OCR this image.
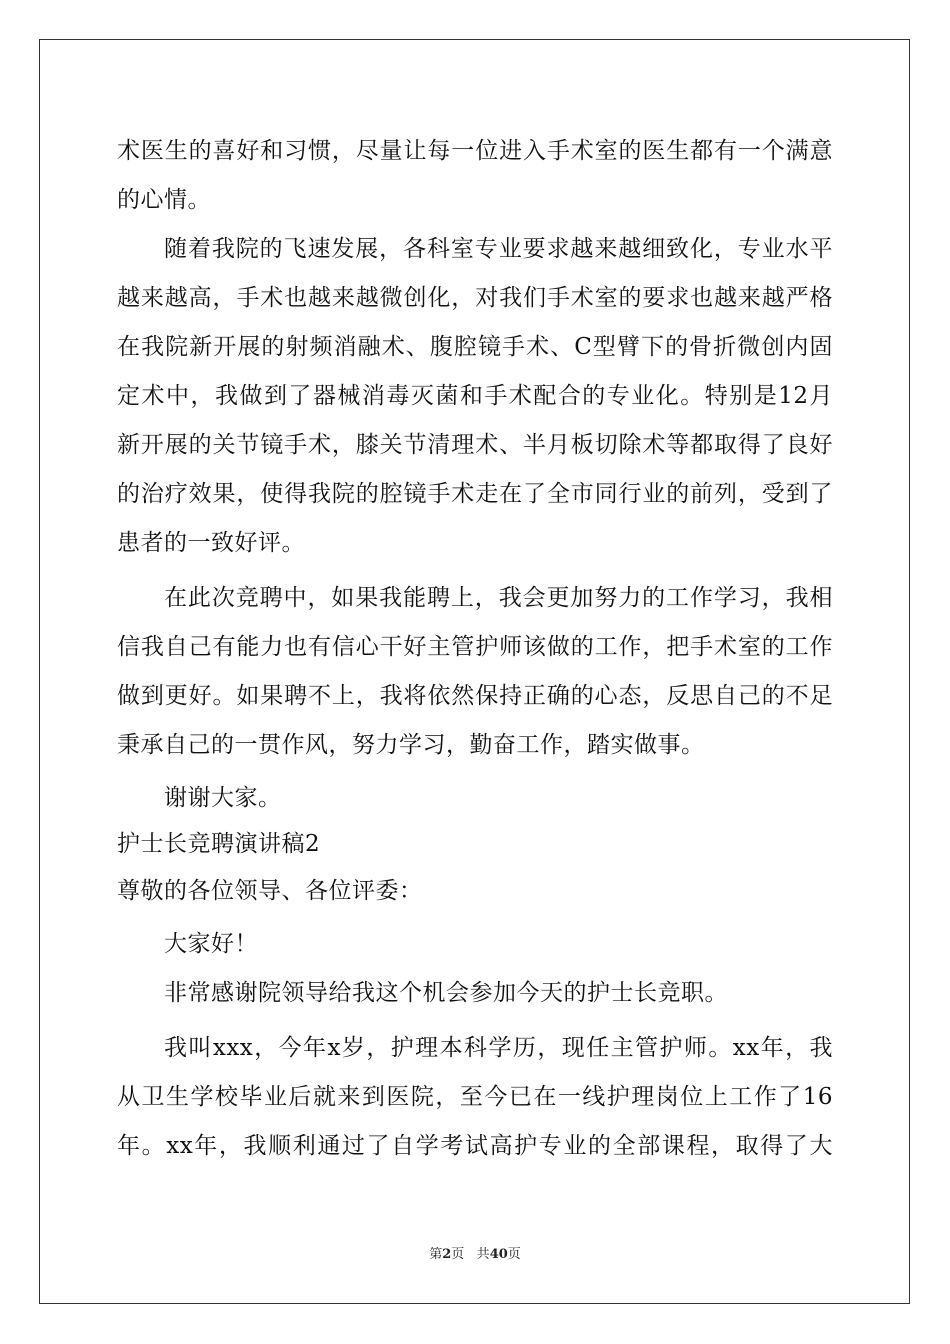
术医生的喜好和习惯，尽量让每一位进入手术室的医生都有一个满意
的心情。
随着我院的飞速发展，各科室专业要求越来越细致化，专业水平
越来越高，手术也越来越微创化，对我们手术室的要求也越来越严格
在我院新开展的射频消融术、腹腔镜手术、C型臂下的骨折微创内固
定术中，我做到了器械消毒灭菌和手术配合的专业化。特别是12月
新开展的关节镜手术，膝关节清理术、半月板切除术等都取得了良好
的治疗效果，使得我院的腔镜手术走在了全市同行业的前列，受到了
患者的一致好评。
在此次竞聘中，如果我能聘上，我会更加努力的工作学习，我相
信我自己有能力也有信心干好主管护师该做的工作，把手术室的工作
做到更好。如果聘不上，我将依然保持正确的心态，反思自己的不足
秉承自己的一贯作风，努力学习，勤奋工作，踏实做事。
谢谢大家。
护士长竞聘演讲稿2
尊敬的各位领导、各位评委：
大家好！
非常感谢院领导给我这个机会参加今天的护士长竞职。
我叫xxx，今年x岁，护理本科学历，现任主管护师。xx年，我
从卫生学校毕业后就来到医院，至今已在一线护理岗位上工作了16
年。xx年，我顺利通过了自学考试高护专业的全部课程，取得了大
第2页 共40页
